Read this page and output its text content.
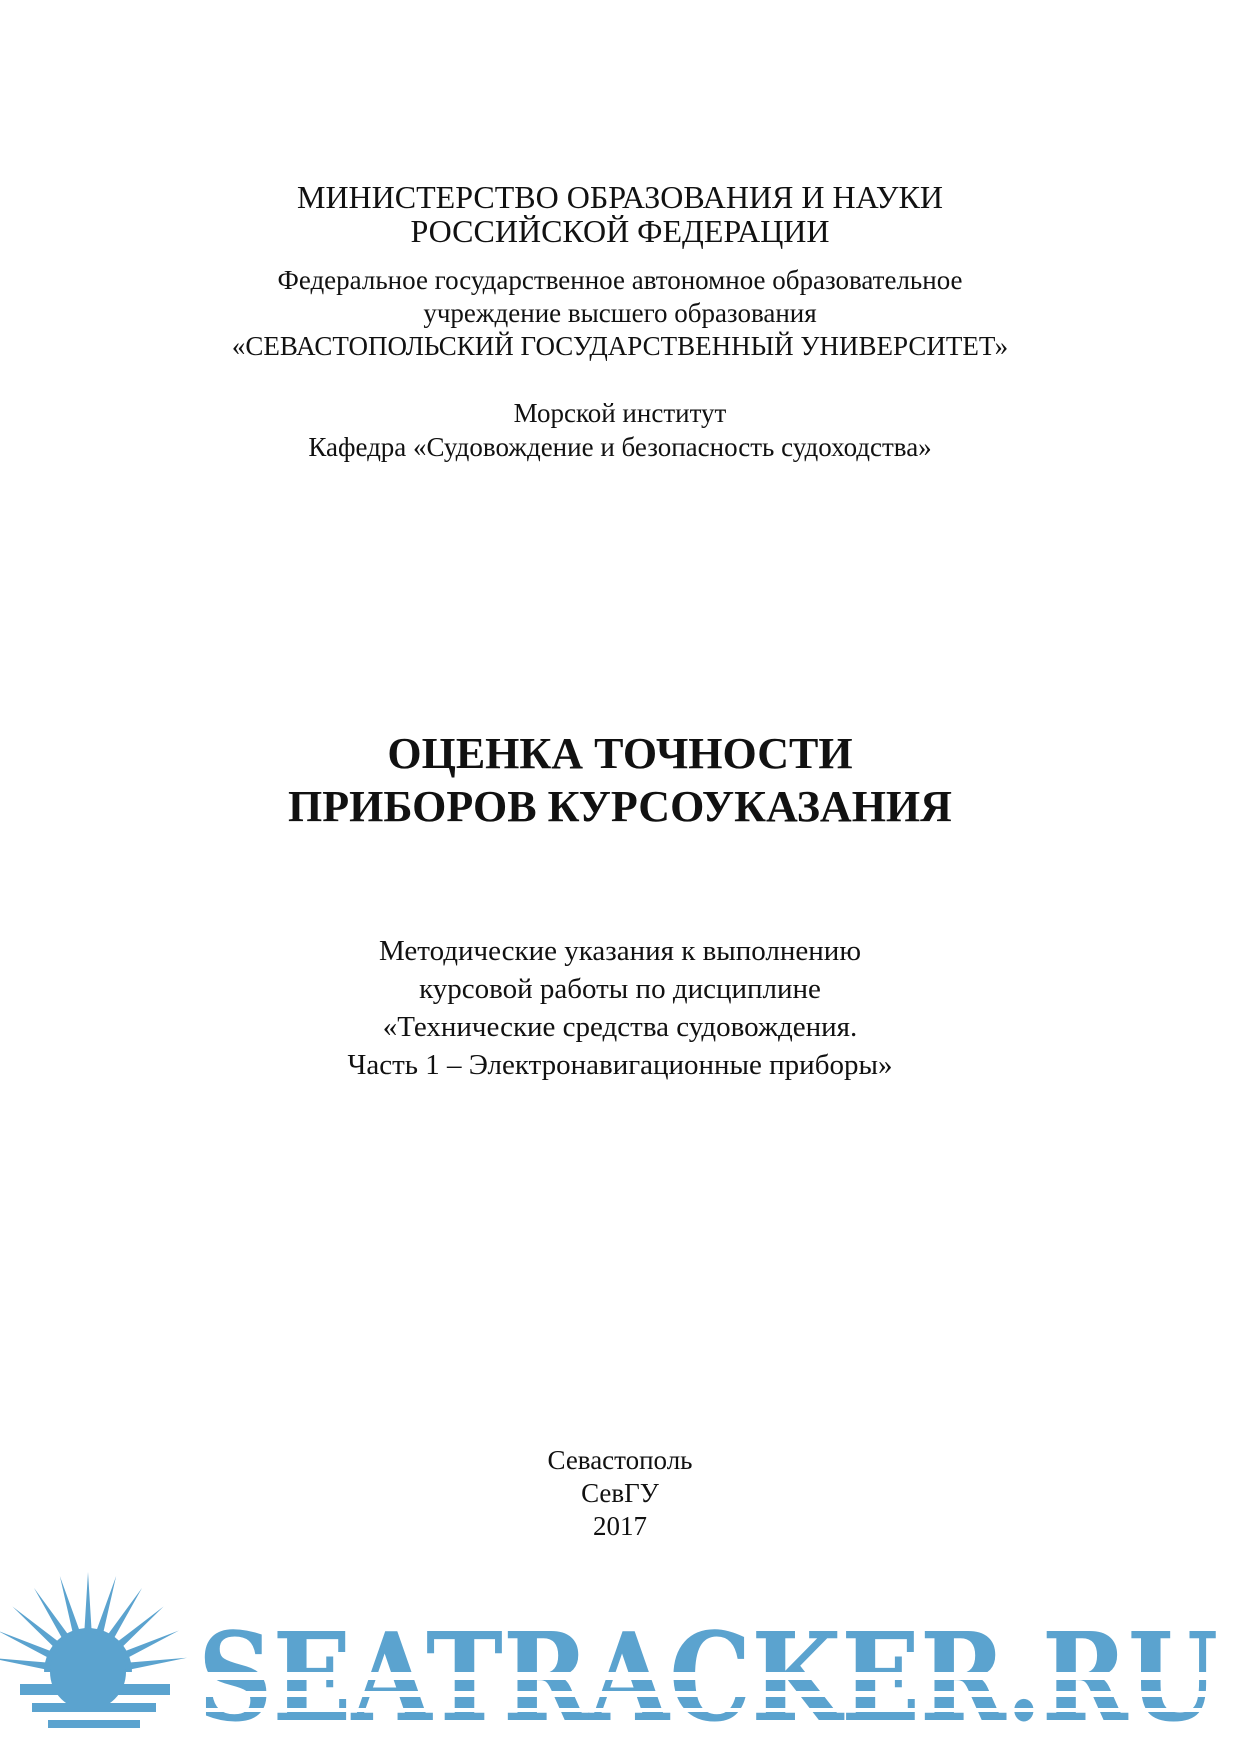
МИНИСТЕРСТВО ОБРАЗОВАНИЯ И НАУКИ
РОССИЙСКОЙ ФЕДЕРАЦИИ
Федеральное государственное автономное образовательное
учреждение высшего образования
«СЕВАСТОПОЛЬСКИЙ ГОСУДАРСТВЕННЫЙ УНИВЕРСИТЕТ»
Морской институт
Кафедра «Судовождение и безопасность судоходства»
ОЦЕНКА ТОЧНОСТИ
ПРИБОРОВ КУРСОУКАЗАНИЯ
Методические указания к выполнению
курсовой работы по дисциплине
«Технические средства судовождения.
Часть 1 – Электронавигационные приборы»
Севастополь
СевГУ
2017
